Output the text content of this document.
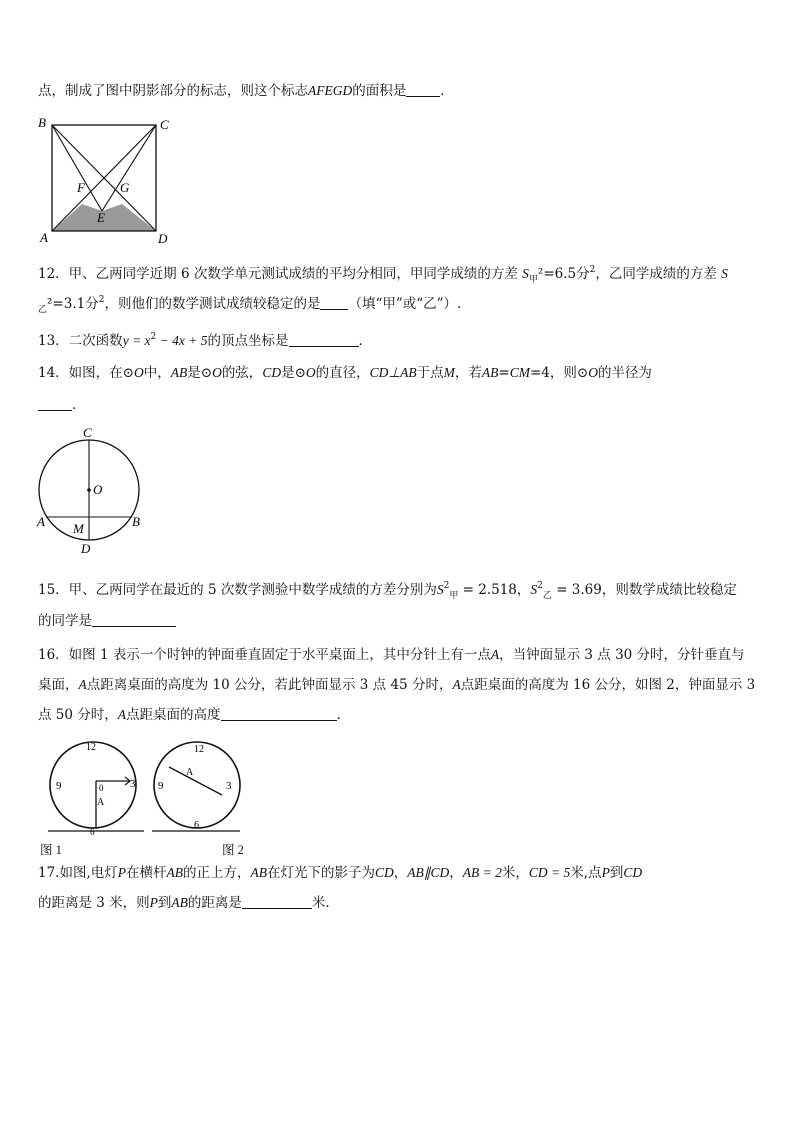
点，制成了图中阴影部分的标志，则这个标志AFEGD的面积是	．
B	C
F	G
E
A	D
12．甲、乙两同学近期 6 次数学单元测试成绩的平均分相同，甲同学成绩的方差 $S_甲^2=6.5$分$^2$，乙同学成绩的方差 S
$_乙$²=3.1分$^2$，则他们的数学测试成绩较稳定的是 （填“甲”或“乙”）.
13．二次函数$y = x^2 - 4x + 5$的顶点坐标是	．
14．如图，在⊙O中，AB是⊙O的弦，CD是⊙O的直径，CD⊥AB于点M，若AB=CM=4，则⊙O的半径为
．
C
O
A M	B
D
15．甲、乙两同学在最近的 5 次数学测验中数学成绩的方差分别为$S^2_甲 = 2.518$，$S^2_乙 = 3.69$，则数学成绩比较稳定
的同学是
16．如图 1 表示一个时钟的钟面垂直固定于水平桌面上，其中分针上有一点A，当钟面显示 3 点 30 分时，分针垂直与
桌面，A点距离桌面的高度为 10 公分，若此钟面显示 3 点 45 分时，A点距桌面的高度为 16 公分，如图 2，钟面显示 3
点 50 分时，A点距桌面的高度	.
12
9	3
0
A
6
12
9	3
A
6
图 1	图 2
17.如图,电灯P在横杆AB的正上方，AB在灯光下的影子为CD，AB∥CD，AB = 2米，CD = 5米,点P到CD
的距离是 3 米，则P到AB的距离是	米.
